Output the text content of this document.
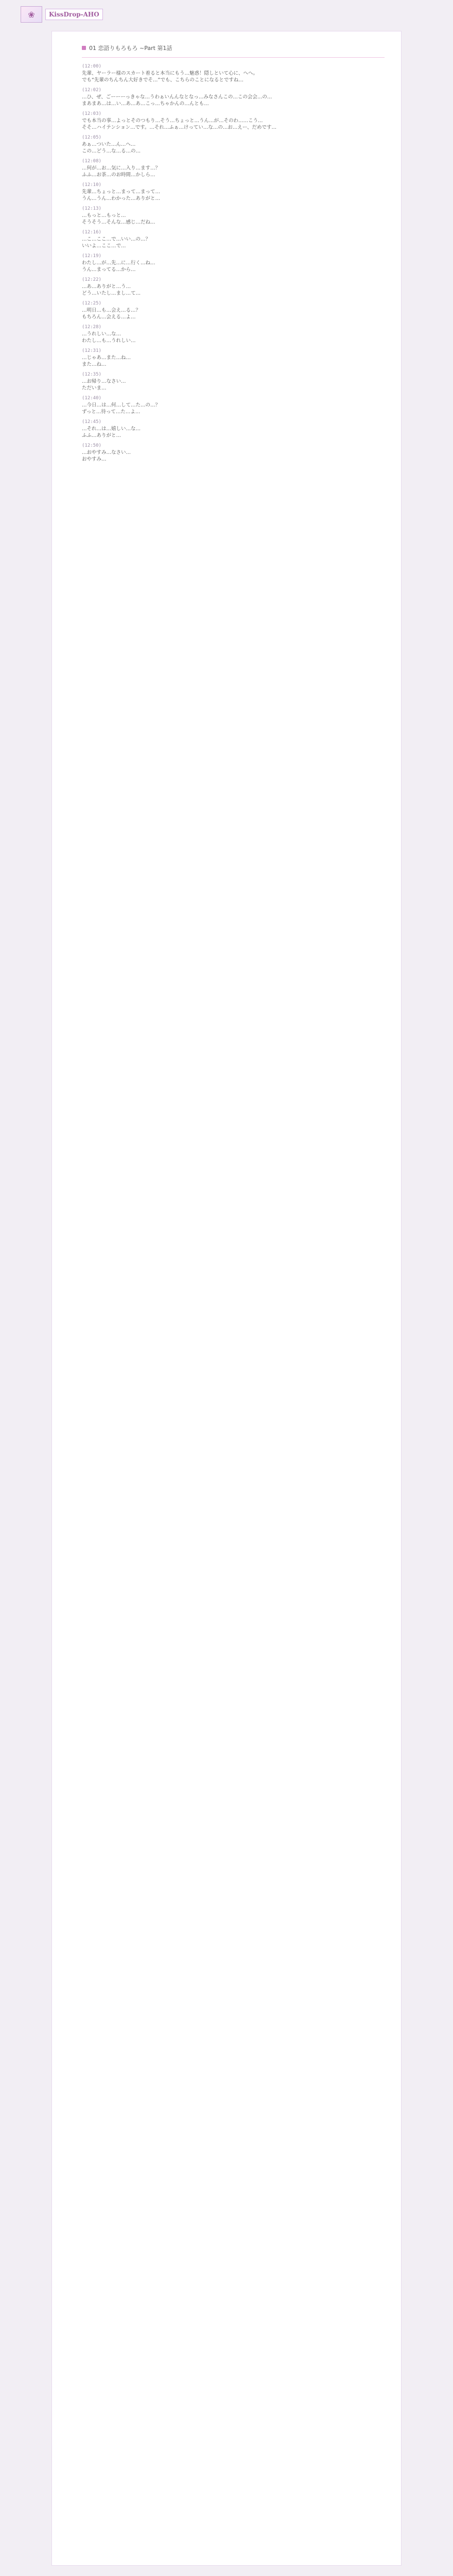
❀	KissDrop-AHO
01 恋語りもろもろ ~Part 第1話
(12:00)
先輩、ヤーラー様のスカート着ると本当にもう…魅惑！隠しといて心に、へへ。
でも“先輩のちんちん大好きでそ…”でも、こちらのことになるとですね…
(12:02)
…ひ、ぜ、ごーーーっきゃな…うわぁいんんなとなっ…みなさんこの…この会会…の…
まあまあ…は…い…あ…あ…こっ…ちゃかんの…んとも…
(12:03)
でも本当の事…よっとそのつもり…そう…ちょっと…うん…が…そのわ……こう…
そそ…ハイテンション…です。…それ…ふぁ…けってい…な…の…お…えー、だめです…
(12:05)
あぁ…ついた…ん…へ…
この…どう…な…る…の…
(12:08)
…何が…お…気に…入り…ます…？
ふふ…お茶…のお時間…かしら…
(12:10)
先輩…ちょっと…まって…まって…
うん…うん…わかった…ありがと…
(12:13)
…もっと…もっと…
そうそう…そんな…感じ…だね…
(12:16)
…こ…ここ…で…いい…の…？
いいよ…ここ…で…
(12:19)
わたし…が…先…に…行く…ね…
うん…まってる…から…
(12:22)
…あ…ありがと…う…
どう…いたし…まし…て…
(12:25)
…明日…も…会え…る…？
もちろん…会える…よ…
(12:28)
…うれしい…な…
わたし…も…うれしい…
(12:31)
…じゃあ…また…ね…
また…ね…
(12:35)
…お帰り…なさい…
ただいま…
(12:40)
…今日…は…何…して…た…の…？
ずっと…待って…た…よ…
(12:45)
…それ…は…嬉しい…な…
ふふ…ありがと…
(12:50)
…おやすみ…なさい…
おやすみ…
